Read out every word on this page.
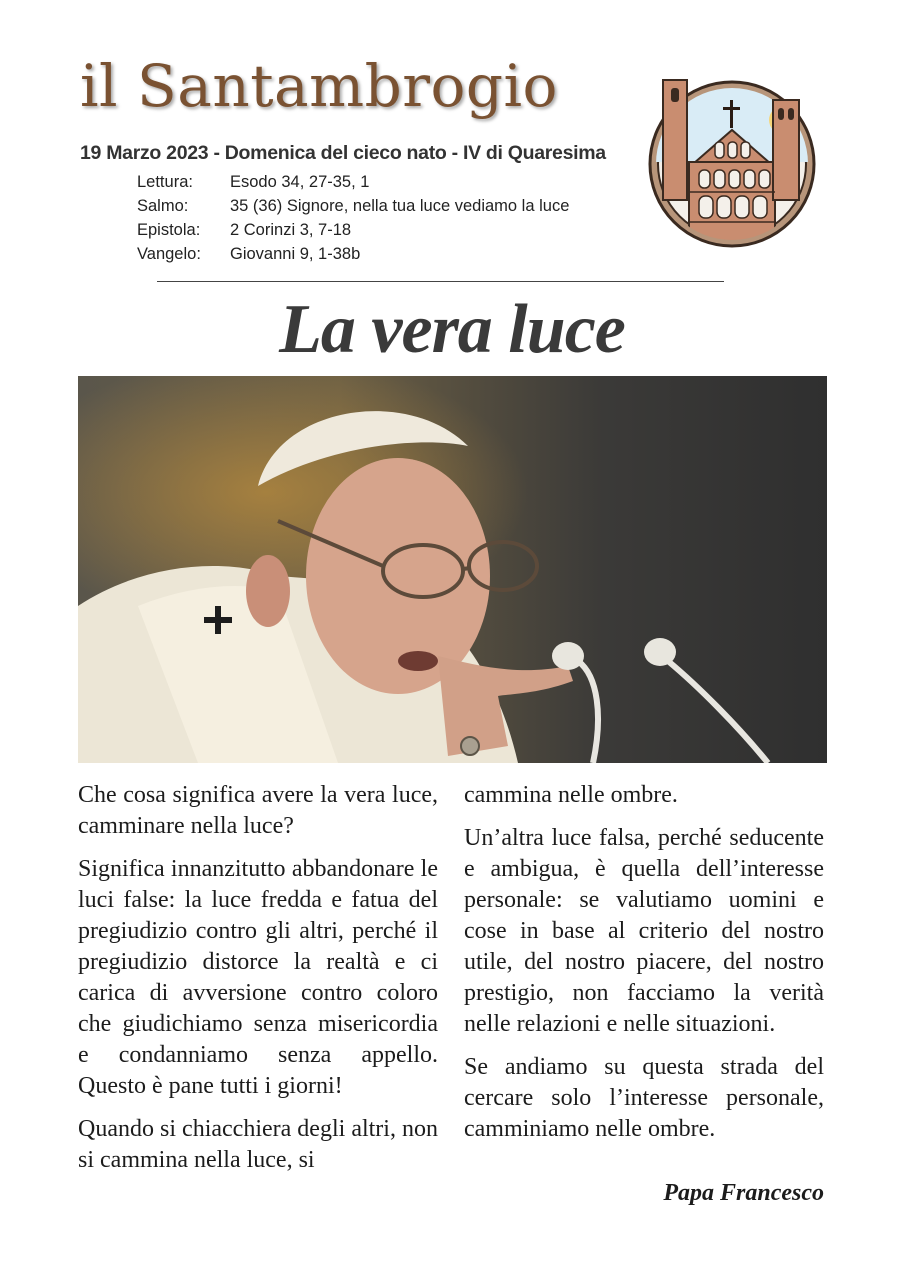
il Santambrogio
19 Marzo 2023 - Domenica del cieco nato - IV di Quaresima
Lettura:	Esodo 34, 27-35, 1
Salmo:	35 (36) Signore, nella tua luce vediamo la luce
Epistola:	2 Corinzi 3, 7-18
Vangelo:	Giovanni 9, 1-38b
La vera luce

Che cosa significa avere la vera luce, camminare nella luce?

Significa innanzitutto abbandonare le luci false: la luce fredda e fatua del pregiudizio contro gli altri, perché il pregiudizio distorce la realtà e ci carica di avversione contro coloro che giudichiamo senza misericordia e condanniamo senza appello. Questo è pane tutti i giorni!

Quando si chiacchiera degli altri, non si cammina nella luce, si

cammina nelle ombre.

Un’altra luce falsa, perché seducente e ambigua, è quella dell’interesse personale: se valutiamo uomini e cose in base al criterio del nostro utile, del nostro piacere, del nostro prestigio, non facciamo la verità nelle relazioni e nelle situazioni.

Se andiamo su questa strada del cercare solo l’interesse personale, camminiamo nelle ombre.

Papa Francesco
